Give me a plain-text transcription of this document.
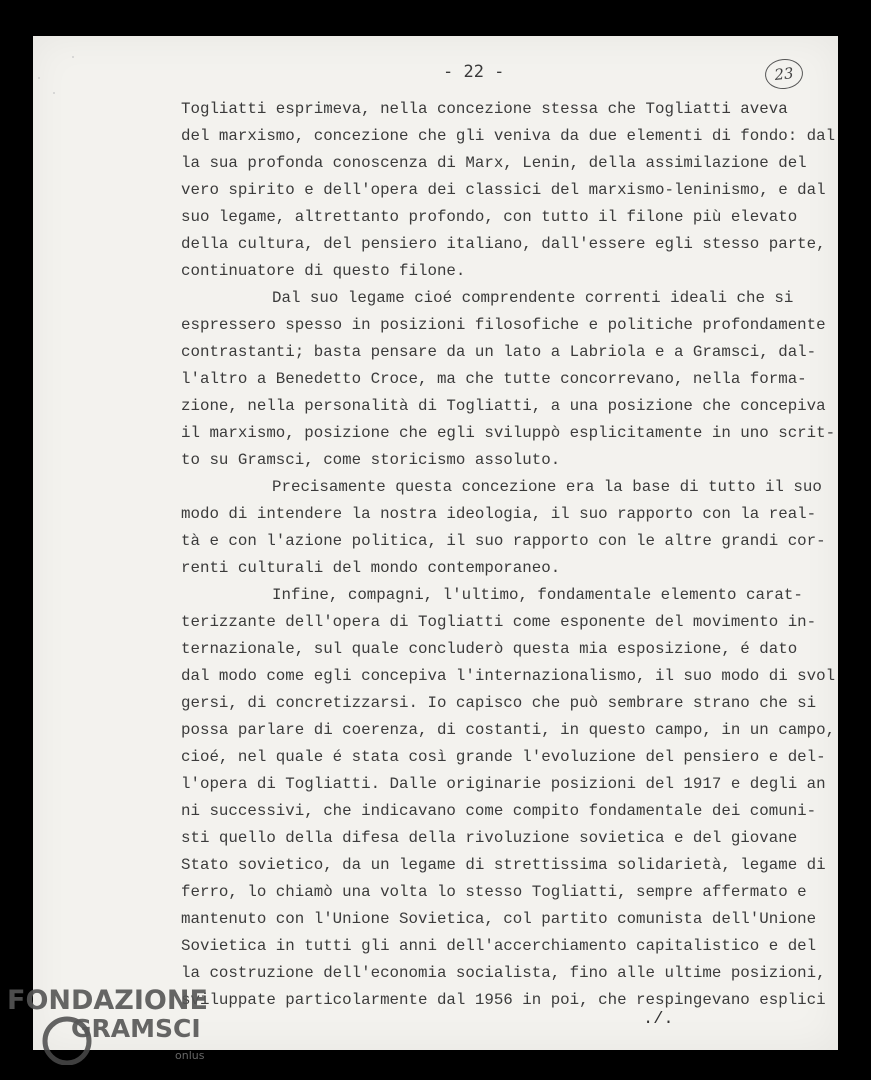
- 22 -	23
Togliatti esprimeva, nella concezione stessa che Togliatti aveva
del marxismo, concezione che gli veniva da due elementi di fondo: dal
la sua profonda conoscenza di Marx, Lenin, della assimilazione del
vero spirito e dell'opera dei classici del marxismo-leninismo, e dal
suo legame, altrettanto profondo, con tutto il filone più elevato
della cultura, del pensiero italiano, dall'essere egli stesso parte,
continuatore di questo filone.
Dal suo legame cioé comprendente correnti ideali che si
espressero spesso in posizioni filosofiche e politiche profondamente
contrastanti; basta pensare da un lato a Labriola e a Gramsci, dal-
l'altro a Benedetto Croce, ma che tutte concorrevano, nella forma-
zione, nella personalità di Togliatti, a una posizione che concepiva
il marxismo, posizione che egli sviluppò esplicitamente in uno scrit-
to su Gramsci, come storicismo assoluto.
Precisamente questa concezione era la base di tutto il suo
modo di intendere la nostra ideologia, il suo rapporto con la real-
tà e con l'azione politica, il suo rapporto con le altre grandi cor-
renti culturali del mondo contemporaneo.
Infine, compagni, l'ultimo, fondamentale elemento carat-
terizzante dell'opera di Togliatti come esponente del movimento in-
ternazionale, sul quale concluderò questa mia esposizione, é dato
dal modo come egli concepiva l'internazionalismo, il suo modo di svol
gersi, di concretizzarsi. Io capisco che può sembrare strano che si
possa parlare di coerenza, di costanti, in questo campo, in un campo,
cioé, nel quale é stata così grande l'evoluzione del pensiero e del-
l'opera di Togliatti. Dalle originarie posizioni del 1917 e degli an
ni successivi, che indicavano come compito fondamentale dei comuni-
sti quello della difesa della rivoluzione sovietica e del giovane
Stato sovietico, da un legame di strettissima solidarietà, legame di
ferro, lo chiamò una volta lo stesso Togliatti, sempre affermato e
mantenuto con l'Unione Sovietica, col partito comunista dell'Unione
Sovietica in tutti gli anni dell'accerchiamento capitalistico e del
la costruzione dell'economia socialista, fino alle ultime posizioni,
sviluppate particolarmente dal 1956 in poi, che respingevano esplici
./.
FONDAZIONE
GRAMSCI
onlus
